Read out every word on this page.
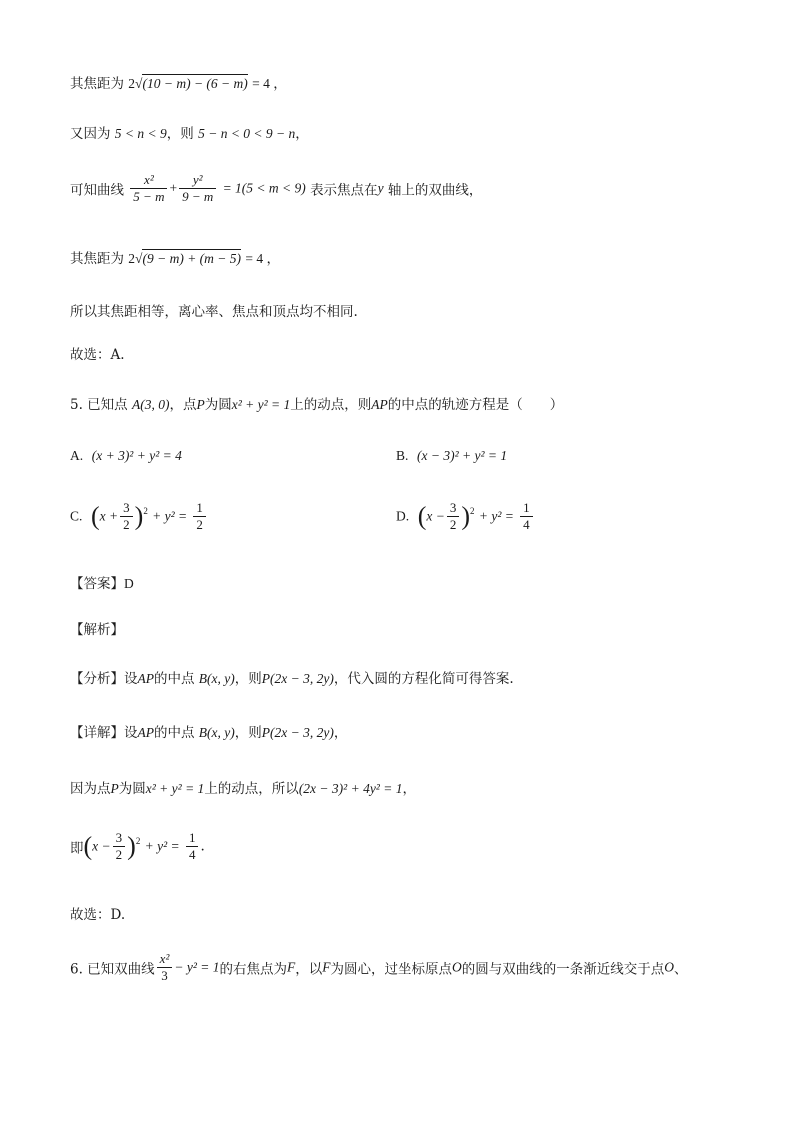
其焦距为 2√(10 − m) − (6 − m) = 4 ，
又因为 5 < n < 9，则 5 − n < 0 < 9 − n，
可知曲线 $\frac{\text{x²}}{5 - m} + \frac{\text{y²}}{9 - m} = 1(5 < m < 9)$ 表示焦点在y 轴上的双曲线，
其焦距为 2√(9 − m) + (m − 5) = 4 ，
所以其焦距相等，离心率、焦点和顶点均不相同.
故选：A.
5. 已知点 A(3, 0)，点P为圆x² + y² = 1上的动点，则AP的中点的轨迹方程是（　　）
A. (x + 3)² + y² = 4	B. (x − 3)² + y² = 1
C. $(x + \frac{3}{2} )^2 + y^2 = \frac{1}{2}$	D. $(x - \frac{3}{2} )^2 + y^2 = \frac{1}{4}$
【答案】D
【解析】
【分析】设AP的中点 B(x, y)，则P(2x − 3, 2y)，代入圆的方程化简可得答案.
【详解】设AP的中点 B(x, y)，则P(2x − 3, 2y)，
因为点P为圆x² + y² = 1上的动点，所以(2x − 3)² + 4y² = 1，
即$(x - \frac{3}{2} )^2 + y^2 = \frac{1}{4}$ .
故选：D.
6. 已知双曲线 $\frac{\text{x²}}{3} - y^2 = 1$的右焦点为F，以F为圆心，过坐标原点O的圆与双曲线的一条渐近线交于点O、
